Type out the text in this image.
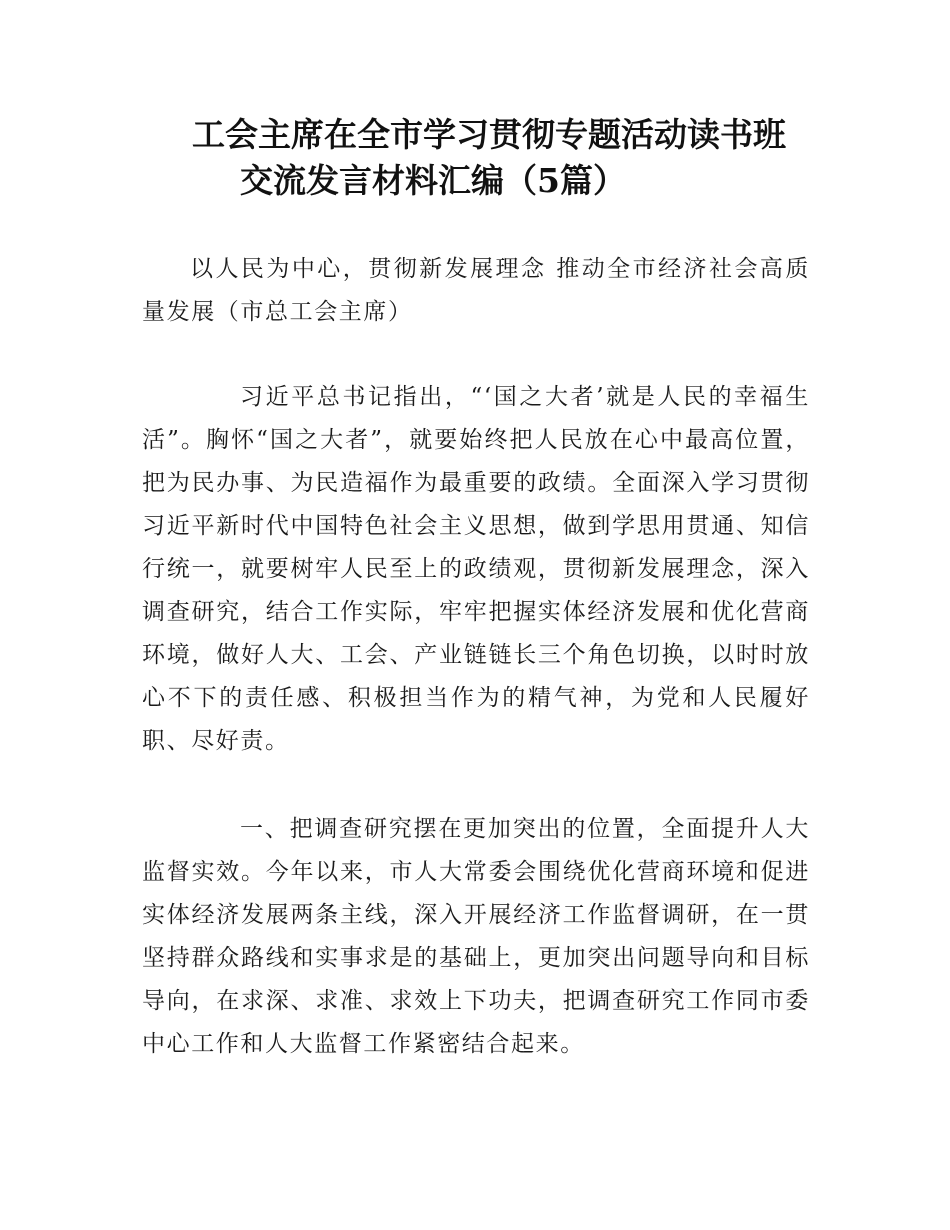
工会主席在全市学习贯彻专题活动读书班
交流发言材料汇编（5篇）

以人民为中心，贯彻新发展理念 推动全市经济社会高质量发展（市总工会主席）

习近平总书记指出，“‘国之大者’就是人民的幸福生活”。胸怀“国之大者”，就要始终把人民放在心中最高位置，把为民办事、为民造福作为最重要的政绩。全面深入学习贯彻习近平新时代中国特色社会主义思想，做到学思用贯通、知信行统一，就要树牢人民至上的政绩观，贯彻新发展理念，深入调查研究，结合工作实际，牢牢把握实体经济发展和优化营商环境，做好人大、工会、产业链链长三个角色切换，以时时放心不下的责任感、积极担当作为的精气神，为党和人民履好职、尽好责。

一、把调查研究摆在更加突出的位置，全面提升人大监督实效。今年以来，市人大常委会围绕优化营商环境和促进实体经济发展两条主线，深入开展经济工作监督调研，在一贯坚持群众路线和实事求是的基础上，更加突出问题导向和目标导向，在求深、求准、求效上下功夫，把调查研究工作同市委中心工作和人大监督工作紧密结合起来。
